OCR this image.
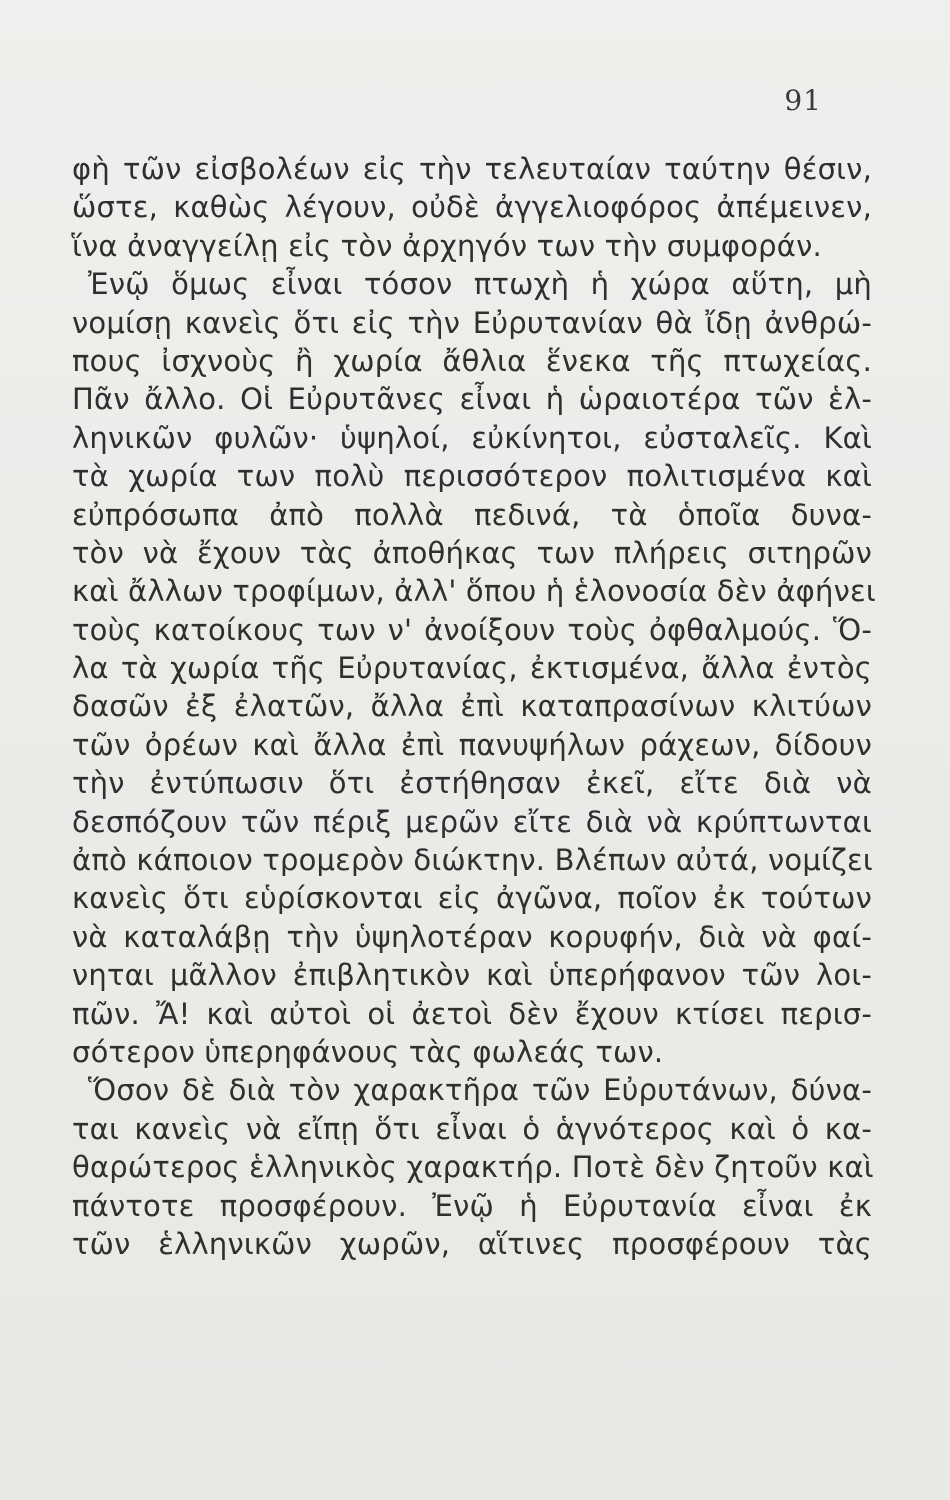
91
φὴ τῶν εἰσβολέων εἰς τὴν τελευταίαν ταύτην θέσιν,
ὥστε, καθὼς λέγουν, οὐδὲ ἀγγελιοφόρος ἀπέμεινεν,
ἵνα ἀναγγείλῃ εἰς τὸν ἀρχηγόν των τὴν συμφοράν.
Ἐνῷ ὅμως εἶναι τόσον πτωχὴ ἡ χώρα αὕτη, μὴ
νομίσῃ κανεὶς ὅτι εἰς τὴν Εὐρυτανίαν θὰ ἴδῃ ἀνθρώ-
πους ἰσχνοὺς ἢ χωρία ἄθλια ἕνεκα τῆς πτωχείας.
Πᾶν ἄλλο. Οἱ Εὐρυτᾶνες εἶναι ἡ ὡραιοτέρα τῶν ἑλ-
ληνικῶν φυλῶν· ὑψηλοί, εὐκίνητοι, εὐσταλεῖς. Καὶ
τὰ χωρία των πολὺ περισσότερον πολιτισμένα καὶ
εὐπρόσωπα ἀπὸ πολλὰ πεδινά, τὰ ὁποῖα δυνα-
τὸν νὰ ἔχουν τὰς ἀποθήκας των πλήρεις σιτηρῶν
καὶ ἄλλων τροφίμων, ἀλλ' ὅπου ἡ ἑλονοσία δὲν ἀφήνει
τοὺς κατοίκους των ν' ἀνοίξουν τοὺς ὀφθαλμούς. Ὅ-
λα τὰ χωρία τῆς Εὐρυτανίας, ἐκτισμένα, ἄλλα ἐντὸς
δασῶν ἐξ ἐλατῶν, ἄλλα ἐπὶ καταπρασίνων κλιτύων
τῶν ὀρέων καὶ ἄλλα ἐπὶ πανυψήλων ράχεων, δίδουν
τὴν ἐντύπωσιν ὅτι ἐστήθησαν ἐκεῖ, εἴτε διὰ νὰ
δεσπόζουν τῶν πέριξ μερῶν εἴτε διὰ νὰ κρύπτωνται
ἀπὸ κάποιον τρομερὸν διώκτην. Βλέπων αὐτά, νομίζει
κανεὶς ὅτι εὑρίσκονται εἰς ἀγῶνα, ποῖον ἐκ τούτων
νὰ καταλάβῃ τὴν ὑψηλοτέραν κορυφήν, διὰ νὰ φαί-
νηται μᾶλλον ἐπιβλητικὸν καὶ ὑπερήφανον τῶν λοι-
πῶν. Ἄ! καὶ αὐτοὶ οἱ ἀετοὶ δὲν ἔχουν κτίσει περισ-
σότερον ὑπερηφάνους τὰς φωλεάς των.
Ὅσον δὲ διὰ τὸν χαρακτῆρα τῶν Εὐρυτάνων, δύνα-
ται κανεὶς νὰ εἴπῃ ὅτι εἶναι ὁ ἁγνότερος καὶ ὁ κα-
θαρώτερος ἑλληνικὸς χαρακτήρ. Ποτὲ δὲν ζητοῦν καὶ
πάντοτε προσφέρουν. Ἐνῷ ἡ Εὐρυτανία εἶναι ἐκ
τῶν ἑλληνικῶν χωρῶν, αἵτινες προσφέρουν τὰς
